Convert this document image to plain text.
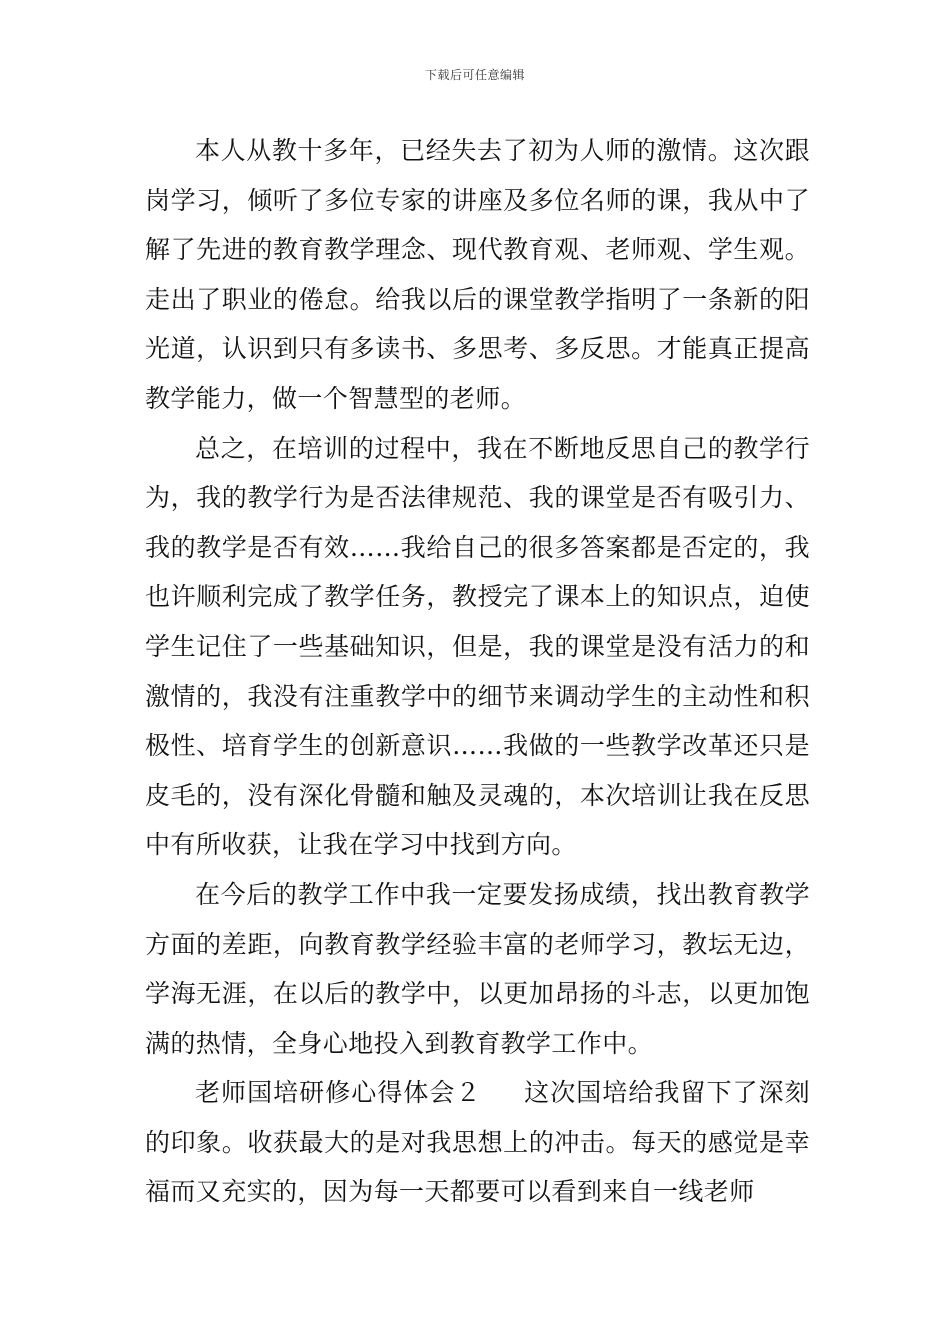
下载后可任意编辑

本人从教十多年，已经失去了初为人师的激情。这次跟岗学习，倾听了多位专家的讲座及多位名师的课，我从中了解了先进的教育教学理念、现代教育观、老师观、学生观。走出了职业的倦怠。给我以后的课堂教学指明了一条新的阳光道，认识到只有多读书、多思考、多反思。才能真正提高教学能力，做一个智慧型的老师。

总之，在培训的过程中，我在不断地反思自己的教学行为，我的教学行为是否法律规范、我的课堂是否有吸引力、我的教学是否有效……我给自己的很多答案都是否定的，我也许顺利完成了教学任务，教授完了课本上的知识点，迫使学生记住了一些基础知识，但是，我的课堂是没有活力的和激情的，我没有注重教学中的细节来调动学生的主动性和积极性、培育学生的创新意识……我做的一些教学改革还只是皮毛的，没有深化骨髓和触及灵魂的，本次培训让我在反思中有所收获，让我在学习中找到方向。

在今后的教学工作中我一定要发扬成绩，找出教育教学方面的差距，向教育教学经验丰富的老师学习，教坛无边，学海无涯，在以后的教学中，以更加昂扬的斗志，以更加饱满的热情，全身心地投入到教育教学工作中。

老师国培研修心得体会２ 这次国培给我留下了深刻的印象。收获最大的是对我思想上的冲击。每天的感觉是幸福而又充实的，因为每一天都要可以看到来自一线老师
